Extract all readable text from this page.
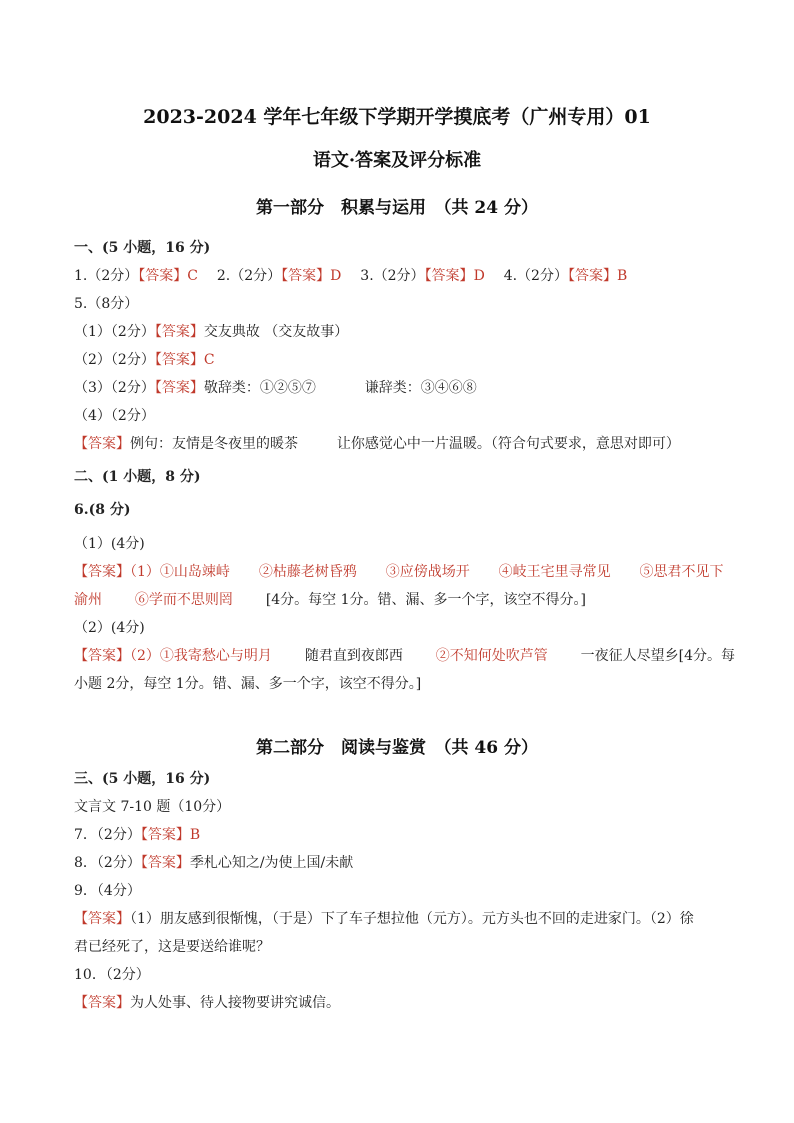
2023-2024 学年七年级下学期开学摸底考（广州专用）01
语文·答案及评分标准
第一部分　积累与运用　（共 24 分）
一、(5 小题，16 分)
1.（2分）【答案】C 2.（2分）【答案】D 3.（2分）【答案】D 4.（2分）【答案】B
5.（8分）
（1）（2分）【答案】交友典故 （交友故事）
（2）（2分）【答案】C
（3）（2分）【答案】敬辞类：①②⑤⑦	谦辞类：③④⑥⑧
（4）（2分）
【答案】例句：友情是冬夜里的暖茶	让你感觉心中一片温暖。（符合句式要求，意思对即可）
二、(1 小题，8 分)
6.(8 分)
（1）(4分)
【答案】（1）①山岛竦峙 ②枯藤老树昏鸦 ③应傍战场开 ④岐王宅里寻常见 ⑤思君不见下
渝州 ⑥学而不思则罔 [4分。每空 1分。错、漏、多一个字，该空不得分。]
（2）(4分)
【答案】（2）①我寄愁心与明月 随君直到夜郎西 ②不知何处吹芦管 一夜征人尽望乡[4分。每
小题 2分，每空 1分。错、漏、多一个字，该空不得分。]
第二部分　阅读与鉴赏　（共 46 分）
三、(5 小题，16 分)
文言文 7-10 题（10分）
7．（2分）【答案】B
8．（2分）【答案】季札心知之/为使上国/未献
9．（4分）
【答案】（1）朋友感到很惭愧，（于是）下了车子想拉他（元方）。元方头也不回的走进家门。（2）徐
君已经死了，这是要送给谁呢？
10．（2分）
【答案】为人处事、待人接物要讲究诚信。
